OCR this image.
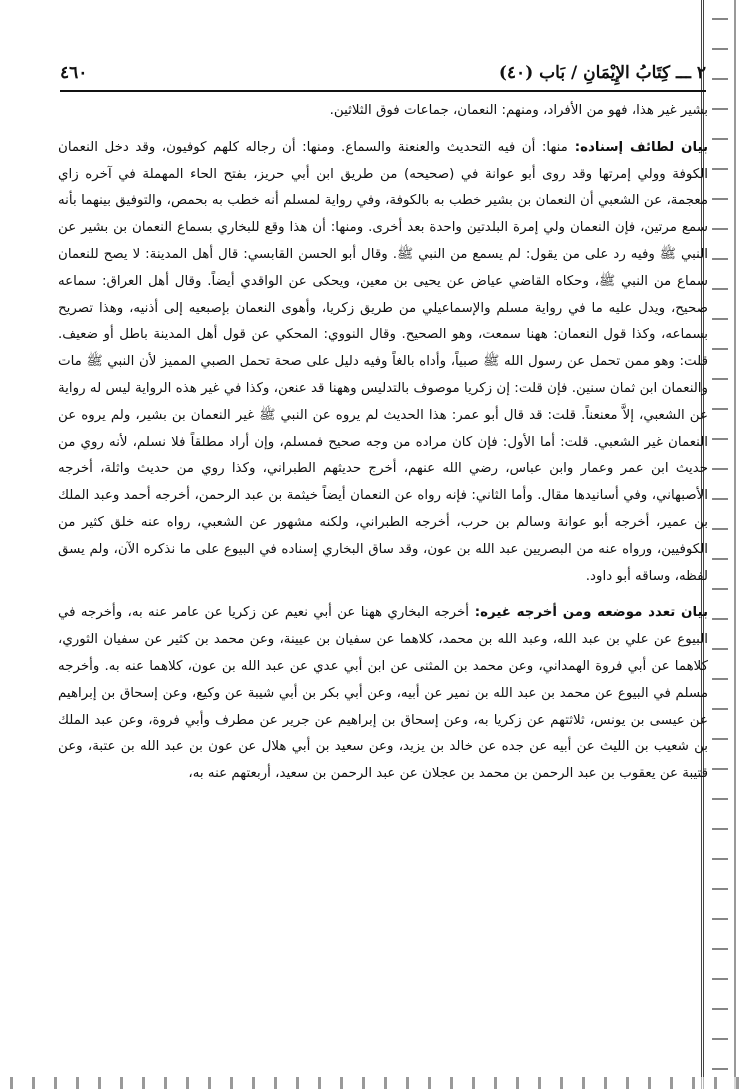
٤٦٠	٢ ـــ كِتَابُ الإِيْمَانِ / بَاب (٤٠)

بشير غير هذا، فهو من الأفراد، ومنهم: النعمان، جماعات فوق الثلاثين.

بيان لطائف إسناده: منها: أن فيه التحديث والعنعنة والسماع. ومنها: أن رجاله كلهم كوفيون، وقد دخل النعمان الكوفة وولي إمرتها وقد روى أبو عوانة في (صحيحه) من طريق ابن أبي حريز، بفتح الحاء المهملة في آخره زاي معجمة، عن الشعبي أن النعمان بن بشير خطب به بالكوفة، وفي رواية لمسلم أنه خطب به بحمص، والتوفيق بينهما بأنه سمع مرتين، فإن النعمان ولي إمرة البلدتين واحدة بعد أخرى. ومنها: أن هذا وقع للبخاري بسماع النعمان بن بشير عن النبي ﷺ وفيه رد على من يقول: لم يسمع من النبي ﷺ. وقال أبو الحسن القابسي: قال أهل المدينة: لا يصح للنعمان سماع من النبي ﷺ، وحكاه القاضي عياض عن يحيى بن معين، ويحكى عن الواقدي أيضاً. وقال أهل العراق: سماعه صحيح، ويدل عليه ما في رواية مسلم والإسماعيلي من طريق زكريا، وأهوى النعمان بإصبعيه إلى أذنيه، وهذا تصريح بسماعه، وكذا قول النعمان: ههنا سمعت، وهو الصحيح. وقال النووي: المحكي عن قول أهل المدينة باطل أو ضعيف. قلت: وهو ممن تحمل عن رسول الله ﷺ صبياً، وأداه بالغاً وفيه دليل على صحة تحمل الصبي المميز لأن النبي ﷺ مات والنعمان ابن ثمان سنين. فإن قلت: إن زكريا موصوف بالتدليس وههنا قد عنعن، وكذا في غير هذه الرواية ليس له رواية عن الشعبي، إلاَّ معنعناً. قلت: قد قال أبو عمر: هذا الحديث لم يروه عن النبي ﷺ غير النعمان بن بشير، ولم يروه عن النعمان غير الشعبي. قلت: أما الأول: فإن كان مراده من وجه صحيح فمسلم، وإن أراد مطلقاً فلا نسلم، لأنه روي من حديث ابن عمر وعمار وابن عباس، رضي الله عنهم، أخرج حديثهم الطبراني، وكذا روي من حديث واثلة، أخرجه الأصبهاني، وفي أسانيدها مقال. وأما الثاني: فإنه رواه عن النعمان أيضاً خيثمة بن عبد الرحمن، أخرجه أحمد وعبد الملك بن عمير، أخرجه أبو عوانة وسالم بن حرب، أخرجه الطبراني، ولكنه مشهور عن الشعبي، رواه عنه خلق كثير من الكوفيين، ورواه عنه من البصريين عبد الله بن عون، وقد ساق البخاري إسناده في البيوع على ما نذكره الآن، ولم يسق لفظه، وساقه أبو داود.

بيان تعدد موضعه ومن أخرجه غيره: أخرجه البخاري ههنا عن أبي نعيم عن زكريا عن عامر عنه به، وأخرجه في البيوع عن علي بن عبد الله، وعبد الله بن محمد، كلاهما عن سفيان بن عيينة، وعن محمد بن كثير عن سفيان الثوري، كلاهما عن أبي فروة الهمداني، وعن محمد بن المثنى عن ابن أبي عدي عن عبد الله بن عون، كلاهما عنه به. وأخرجه مسلم في البيوع عن محمد بن عبد الله بن نمير عن أبيه، وعن أبي بكر بن أبي شيبة عن وكيع، وعن إسحاق بن إبراهيم عن عيسى بن يونس، ثلاثتهم عن زكريا به، وعن إسحاق بن إبراهيم عن جرير عن مطرف وأبي فروة، وعن عبد الملك بن شعيب بن الليث عن أبيه عن جده عن خالد بن يزيد، وعن سعيد بن أبي هلال عن عون بن عبد الله بن عتبة، وعن قتيبة عن يعقوب بن عبد الرحمن بن محمد بن عجلان عن عبد الرحمن بن سعيد، أربعتهم عنه به،
